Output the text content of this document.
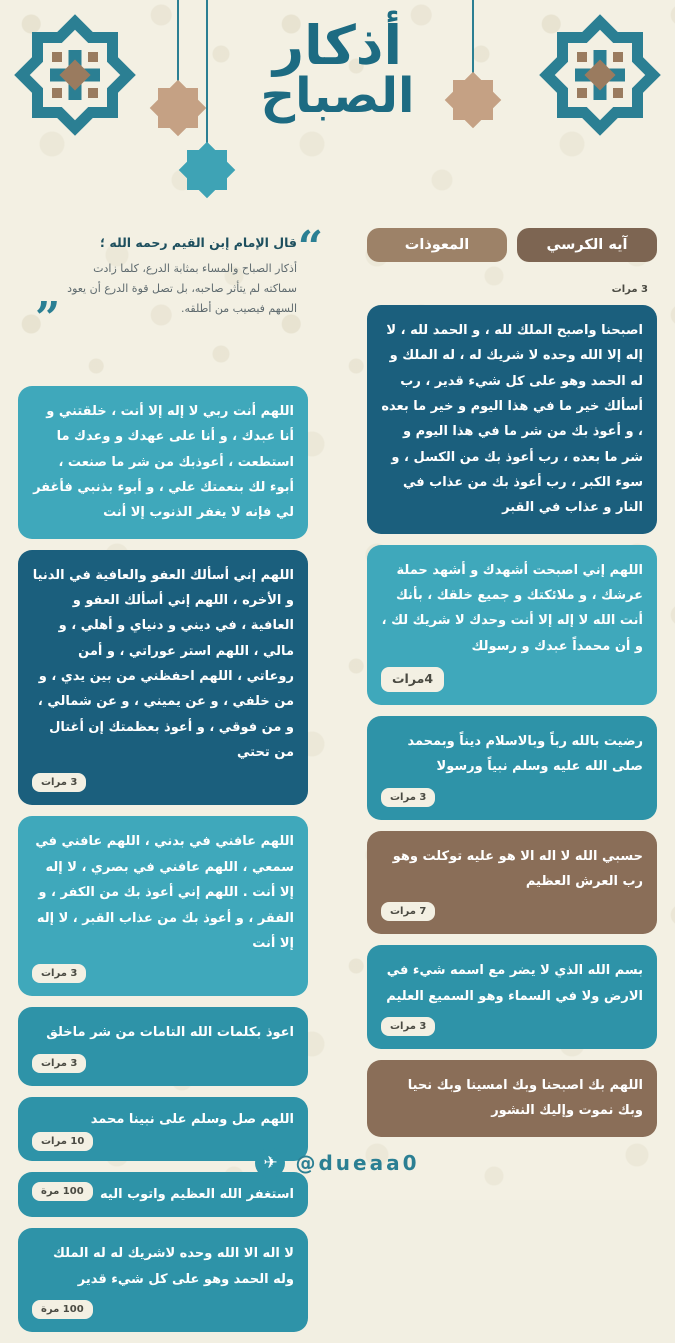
أذكار
الصباح
“
قال الإمام إبن القيم رحمه الله ؛
أذكار الصباح والمساء بمثابة الدرع، كلما زادت سماكته لم يتأثر صاحبه، بل تصل قوة الدرع أن يعود السهم فيصيب من أطلقه.
”
آيه الكرسي
المعوذات
3 مرات
اصبحنا واصبح الملك لله ، و الحمد لله ، لا إله إلا الله وحده لا شريك له ، له الملك و له الحمد وهو على كل شيء قدير ، رب أسألك خير ما في هذا اليوم و خير ما بعده ، و أعوذ بك من شر ما في هذا اليوم و شر ما بعده ، رب أعوذ بك من الكسل ، و سوء الكبر ، رب أعوذ بك من عذاب في النار و عذاب في القبر
اللهم إني اصبحت أشهدك و أشهد حملة عرشك ، و ملائكتك و جميع خلقك ، بأنك أنت الله لا إله إلا أنت وحدك لا شريك لك ، و أن محمداً عبدك و رسولك
4مرات
رضيت بالله رباً وبالاسلام ديناً وبمحمد صلى الله عليه وسلم نبياً ورسولا
3 مرات
حسبي الله لا اله الا هو عليه توكلت وهو رب العرش العظيم
7 مرات
بسم الله الذي لا يضر مع اسمه شيء في الارض ولا في السماء وهو السميع العليم
3 مرات
اللهم بك اصبحنا وبك امسينا وبك نحيا وبك نموت وإليك النشور
اللهم أنت ربي لا إله إلا أنت ، خلقتني و أنا عبدك ، و أنا على عهدك و وعدك ما استطعت ، أعوذبك من شر ما صنعت ، أبوء لك بنعمتك علي ، و أبوء بذنبي فأغفر لي فإنه لا يغفر الذنوب إلا أنت
اللهم إني أسألك العفو والعافية في الدنيا و الأخره ، اللهم إني أسألك العفو و العافية ، في ديني و دنياي و أهلي ، و مالي ، اللهم استر عوراتي ، و أمن روعاتي ، اللهم احفظني من بين يدي ، و من خلفي ، و عن يميني ، و عن شمالي ، و من فوقي ، و أعوذ بعظمتك إن أغتال من تحتي
3 مرات
اللهم عافني في بدني ، اللهم عافني في سمعي ، اللهم عافني في بصري ، لا إله إلا أنت . اللهم إني أعوذ بك من الكفر ، و الفقر ، و أعوذ بك من عذاب القبر ، لا إله إلا أنت
3 مرات
اعوذ بكلمات الله التامات من شر ماخلق
3 مرات
اللهم صل وسلم على نبينا محمد
10 مرات
استغفر الله العظيم واتوب اليه
100 مرة
لا اله الا الله وحده لاشريك له له الملك وله الحمد وهو على كل شيء قدير
100 مرة
✈ @dueaa0
